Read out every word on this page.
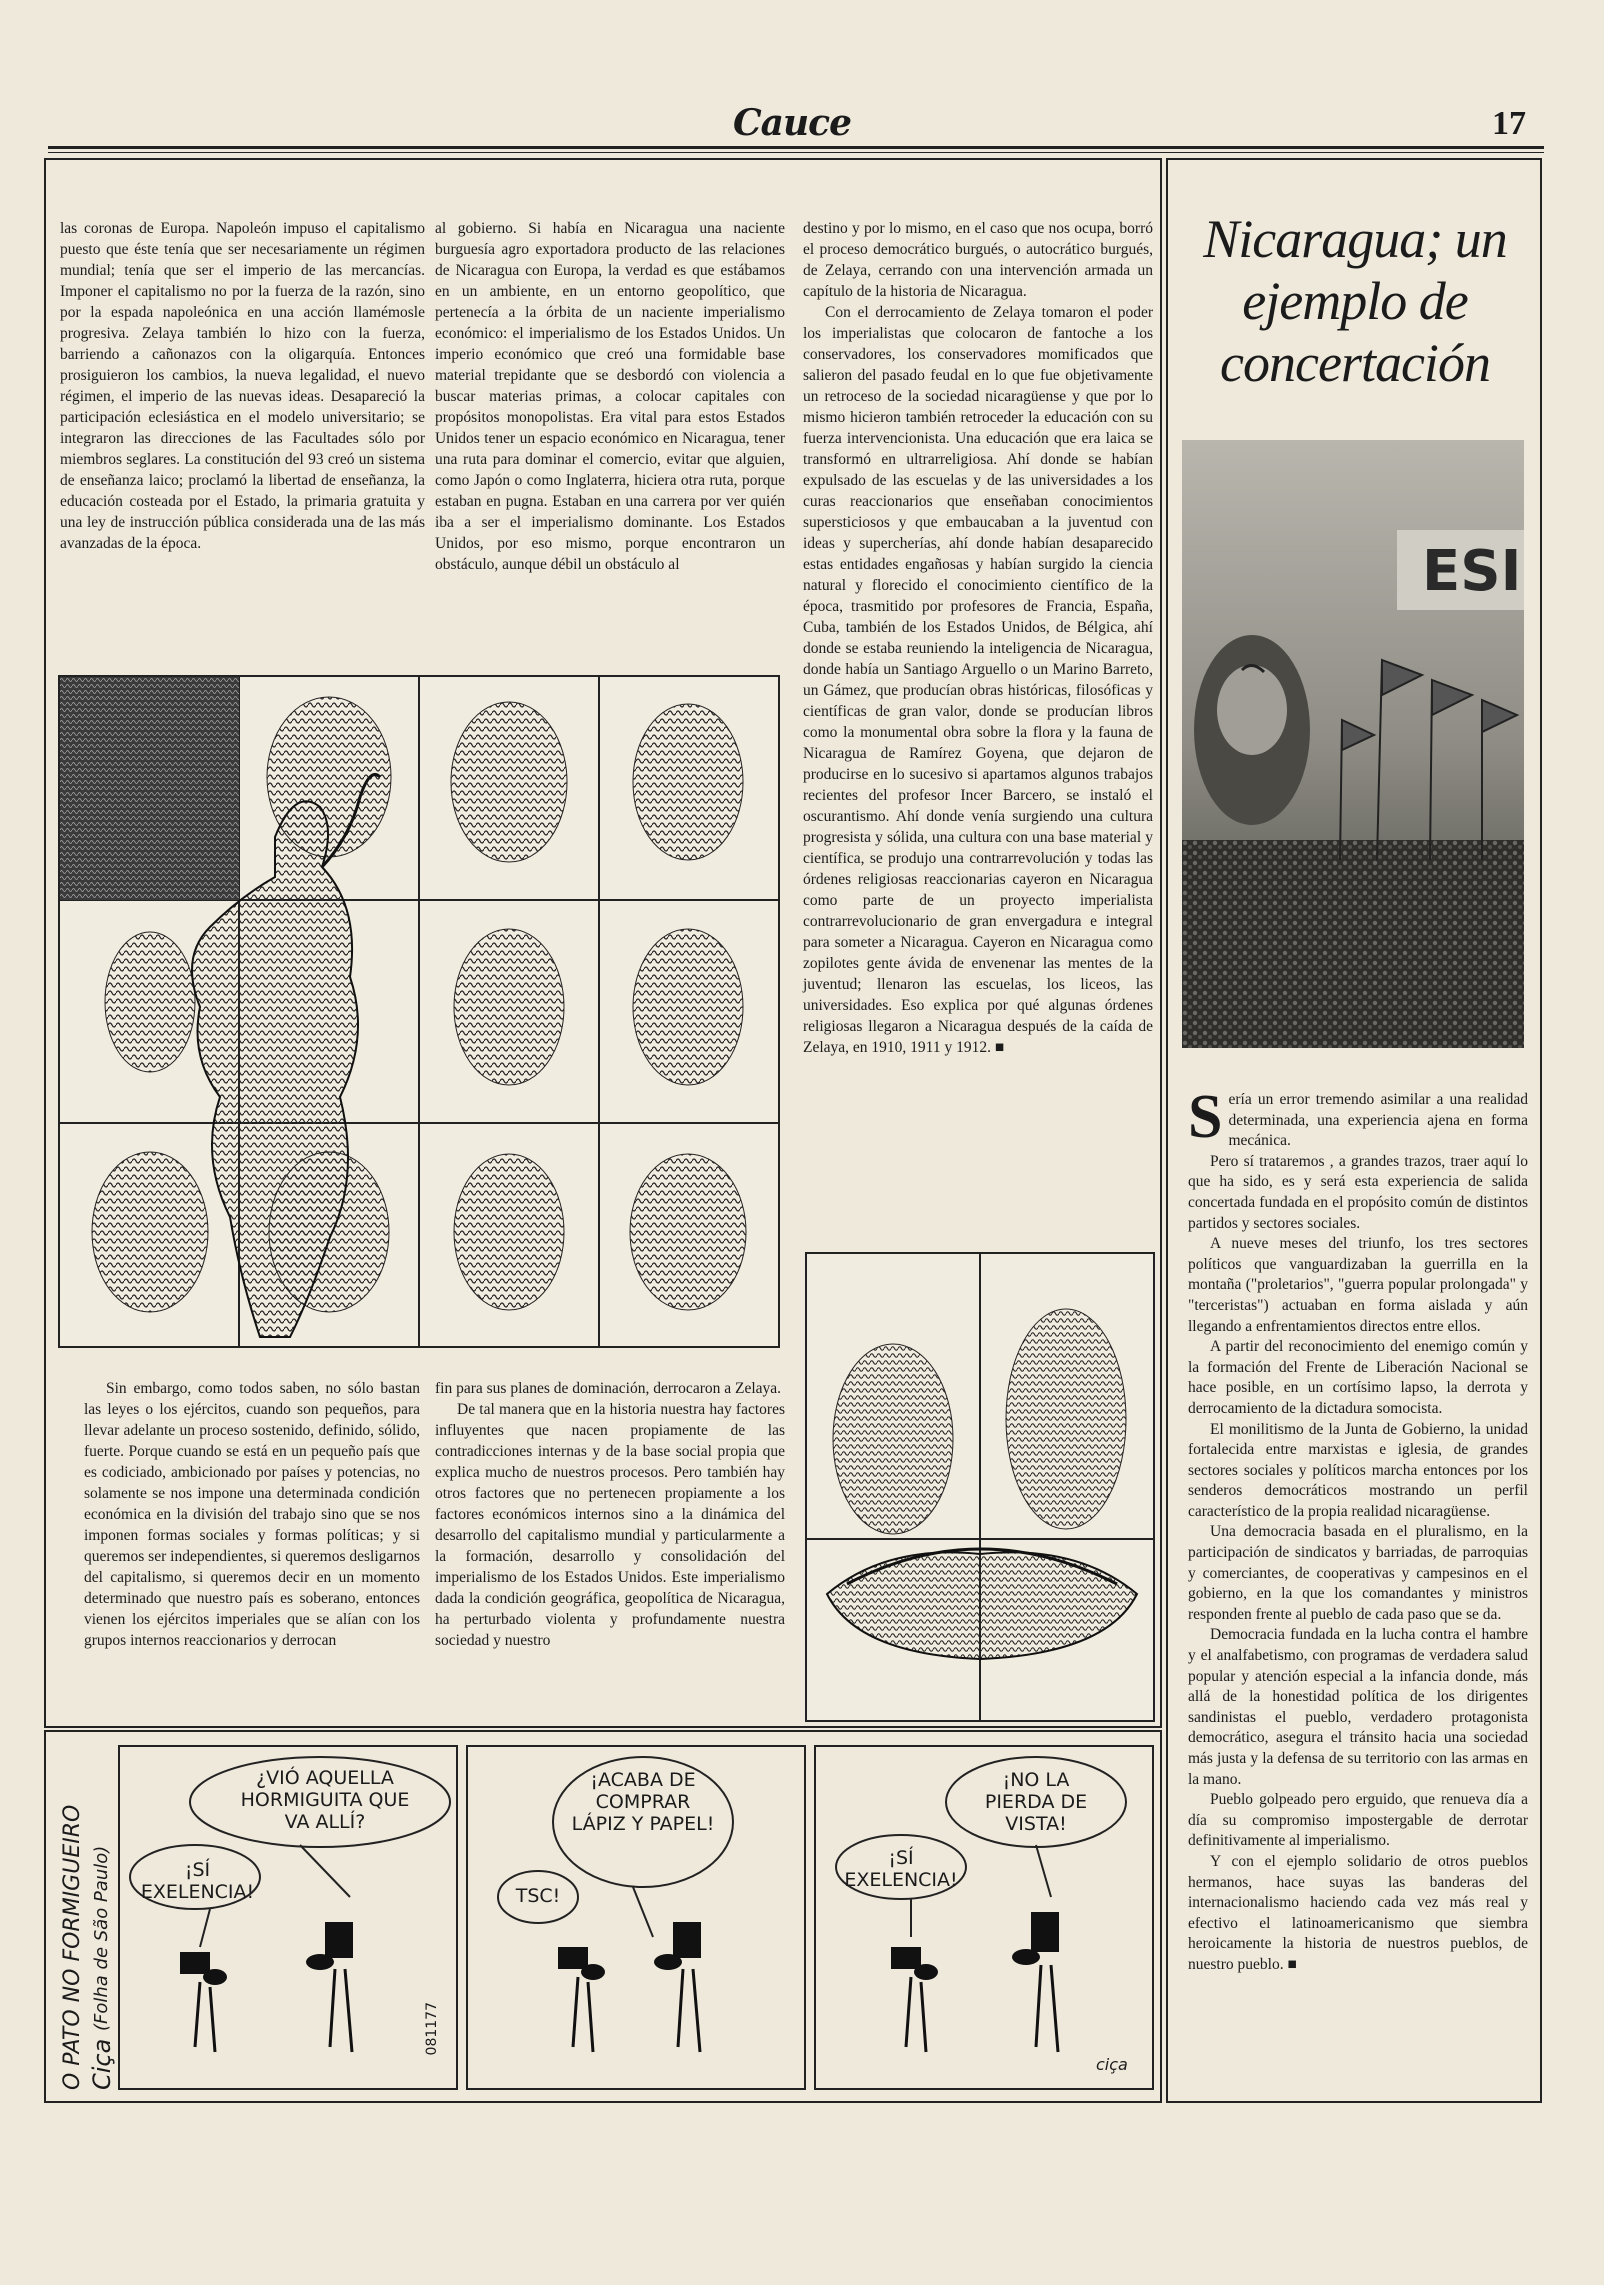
Cauce	17

las coronas de Europa. Napoleón impuso el capitalismo puesto que éste tenía que ser necesariamente un régimen mundial; tenía que ser el imperio de las mercancías. Imponer el capitalismo no por la fuerza de la razón, sino por la espada napoleónica en una acción llamémosle progresiva. Zelaya también lo hizo con la fuerza, barriendo a cañonazos con la oligarquía. Entonces prosiguieron los cambios, la nueva legalidad, el nuevo régimen, el imperio de las nuevas ideas. Desapareció la participación eclesiástica en el modelo universitario; se integraron las direcciones de las Facultades sólo por miembros seglares. La constitución del 93 creó un sistema de enseñanza laico; proclamó la libertad de enseñanza, la educación costeada por el Estado, la primaria gratuita y una ley de instrucción pública considerada una de las más avanzadas de la época.

al gobierno. Si había en Nicaragua una naciente burguesía agro exportadora producto de las relaciones de Nicaragua con Europa, la verdad es que estábamos en un ambiente, en un entorno geopolítico, que pertenecía a la órbita de un naciente imperialismo económico: el imperialismo de los Estados Unidos. Un imperio económico que creó una formidable base material trepidante que se desbordó con violencia a buscar materias primas, a colocar capitales con propósitos monopolistas. Era vital para estos Estados Unidos tener un espacio económico en Nicaragua, tener una ruta para dominar el comercio, evitar que alguien, como Japón o como Inglaterra, hiciera otra ruta, porque estaban en pugna. Estaban en una carrera por ver quién iba a ser el imperialismo dominante. Los Estados Unidos, por eso mismo, porque encontraron un obstáculo, aunque débil un obstáculo al

destino y por lo mismo, en el caso que nos ocupa, borró el proceso democrático burgués, o autocrático burgués, de Zelaya, cerrando con una intervención armada un capítulo de la historia de Nicaragua.

Con el derrocamiento de Zelaya tomaron el poder los imperialistas que colocaron de fantoche a los conservadores, los conservadores momificados que salieron del pasado feudal en lo que fue objetivamente un retroceso de la sociedad nicaragüense y que por lo mismo hicieron también retroceder la educación con su fuerza intervencionista. Una educación que era laica se transformó en ultrarreligiosa. Ahí donde se habían expulsado de las escuelas y de las universidades a los curas reaccionarios que enseñaban conocimientos supersticiosos y que embaucaban a la juventud con ideas y supercherías, ahí donde habían desaparecido estas entidades engañosas y habían surgido la ciencia natural y florecido el conocimiento científico de la época, trasmitido por profesores de Francia, España, Cuba, también de los Estados Unidos, de Bélgica, ahí donde se estaba reuniendo la inteligencia de Nicaragua, donde había un Santiago Arguello o un Marino Barreto, un Gámez, que producían obras históricas, filosóficas y científicas de gran valor, donde se producían libros como la monumental obra sobre la flora y la fauna de Nicaragua de Ramírez Goyena, que dejaron de producirse en lo sucesivo si apartamos algunos trabajos recientes del profesor Incer Barcero, se instaló el oscurantismo. Ahí donde venía surgiendo una cultura progresista y sólida, una cultura con una base material y científica, se produjo una contrarrevolución y todas las órdenes religiosas reaccionarias cayeron en Nicaragua como parte de un proyecto imperialista contrarrevolucionario de gran envergadura e integral para someter a Nicaragua. Cayeron en Nicaragua como zopilotes gente ávida de envenenar las mentes de la juventud; llenaron las escuelas, los liceos, las universidades. Eso explica por qué algunas órdenes religiosas llegaron a Nicaragua después de la caída de Zelaya, en 1910, 1911 y 1912. ■

Sin embargo, como todos saben, no sólo bastan las leyes o los ejércitos, cuando son pequeños, para llevar adelante un proceso sostenido, definido, sólido, fuerte. Porque cuando se está en un pequeño país que es codiciado, ambicionado por países y potencias, no solamente se nos impone una determinada condición económica en la división del trabajo sino que se nos imponen formas sociales y formas políticas; y si queremos ser independientes, si queremos desligarnos del capitalismo, si queremos decir en un momento determinado que nuestro país es soberano, entonces vienen los ejércitos imperiales que se alían con los grupos internos reaccionarios y derrocan

fin para sus planes de dominación, derrocaron a Zelaya.

De tal manera que en la historia nuestra hay factores influyentes que nacen propiamente de las contradicciones internas y de la base social propia que explica mucho de nuestros procesos. Pero también hay otros factores que no pertenecen propiamente a los factores económicos internos sino a la dinámica del desarrollo del capitalismo mundial y particularmente a la formación, desarrollo y consolidación del imperialismo de los Estados Unidos. Este imperialismo dada la condición geográfica, geopolítica de Nicaragua, ha perturbado violenta y profundamente nuestra sociedad y nuestro

Nicaragua; un ejemplo de concertación
ESI

Sería un error tremendo asimilar a una realidad determinada, una experiencia ajena en forma mecánica.

Pero sí trataremos , a grandes trazos, traer aquí lo que ha sido, es y será esta experiencia de salida concertada fundada en el propósito común de distintos partidos y sectores sociales.

A nueve meses del triunfo, los tres sectores políticos que vanguardizaban la guerrilla en la montaña ("proletarios", "guerra popular prolongada" y "terceristas") actuaban en forma aislada y aún llegando a enfrentamientos directos entre ellos.

A partir del reconocimiento del enemigo común y la formación del Frente de Liberación Nacional se hace posible, en un cortísimo lapso, la derrota y derrocamiento de la dictadura somocista.

El monilitismo de la Junta de Gobierno, la unidad fortalecida entre marxistas e iglesia, de grandes sectores sociales y políticos marcha entonces por los senderos democráticos mostrando un perfil característico de la propia realidad nicaragüense.

Una democracia basada en el pluralismo, en la participación de sindicatos y barriadas, de parroquias y comerciantes, de cooperativas y campesinos en el gobierno, en la que los comandantes y ministros responden frente al pueblo de cada paso que se da.

Democracia fundada en la lucha contra el hambre y el analfabetismo, con programas de verdadera salud popular y atención especial a la infancia donde, más allá de la honestidad política de los dirigentes sandinistas el pueblo, verdadero protagonista democrático, asegura el tránsito hacia una sociedad más justa y la defensa de su territorio con las armas en la mano.

Pueblo golpeado pero erguido, que renueva día a día su compromiso impostergable de derrotar definitivamente al imperialismo.

Y con el ejemplo solidario de otros pueblos hermanos, hace suyas las banderas del internacionalismo haciendo cada vez más real y efectivo el latinoamericanismo que siembra heroicamente la historia de nuestros pueblos, de nuestro pueblo. ■

O PATO NO FORMIGUEIRO Ciça (Folha de São Paulo)
¿VIÓ AQUELLA HORMIGUITA QUE VA ALLÍ?
¡SÍ EXELENCIA!
081177
¡ACABA DE COMPRAR LÁPIZ Y PAPEL!
TSC!
¡NO LA PIERDA DE VISTA!
¡SÍ EXELENCIA!
ciça
